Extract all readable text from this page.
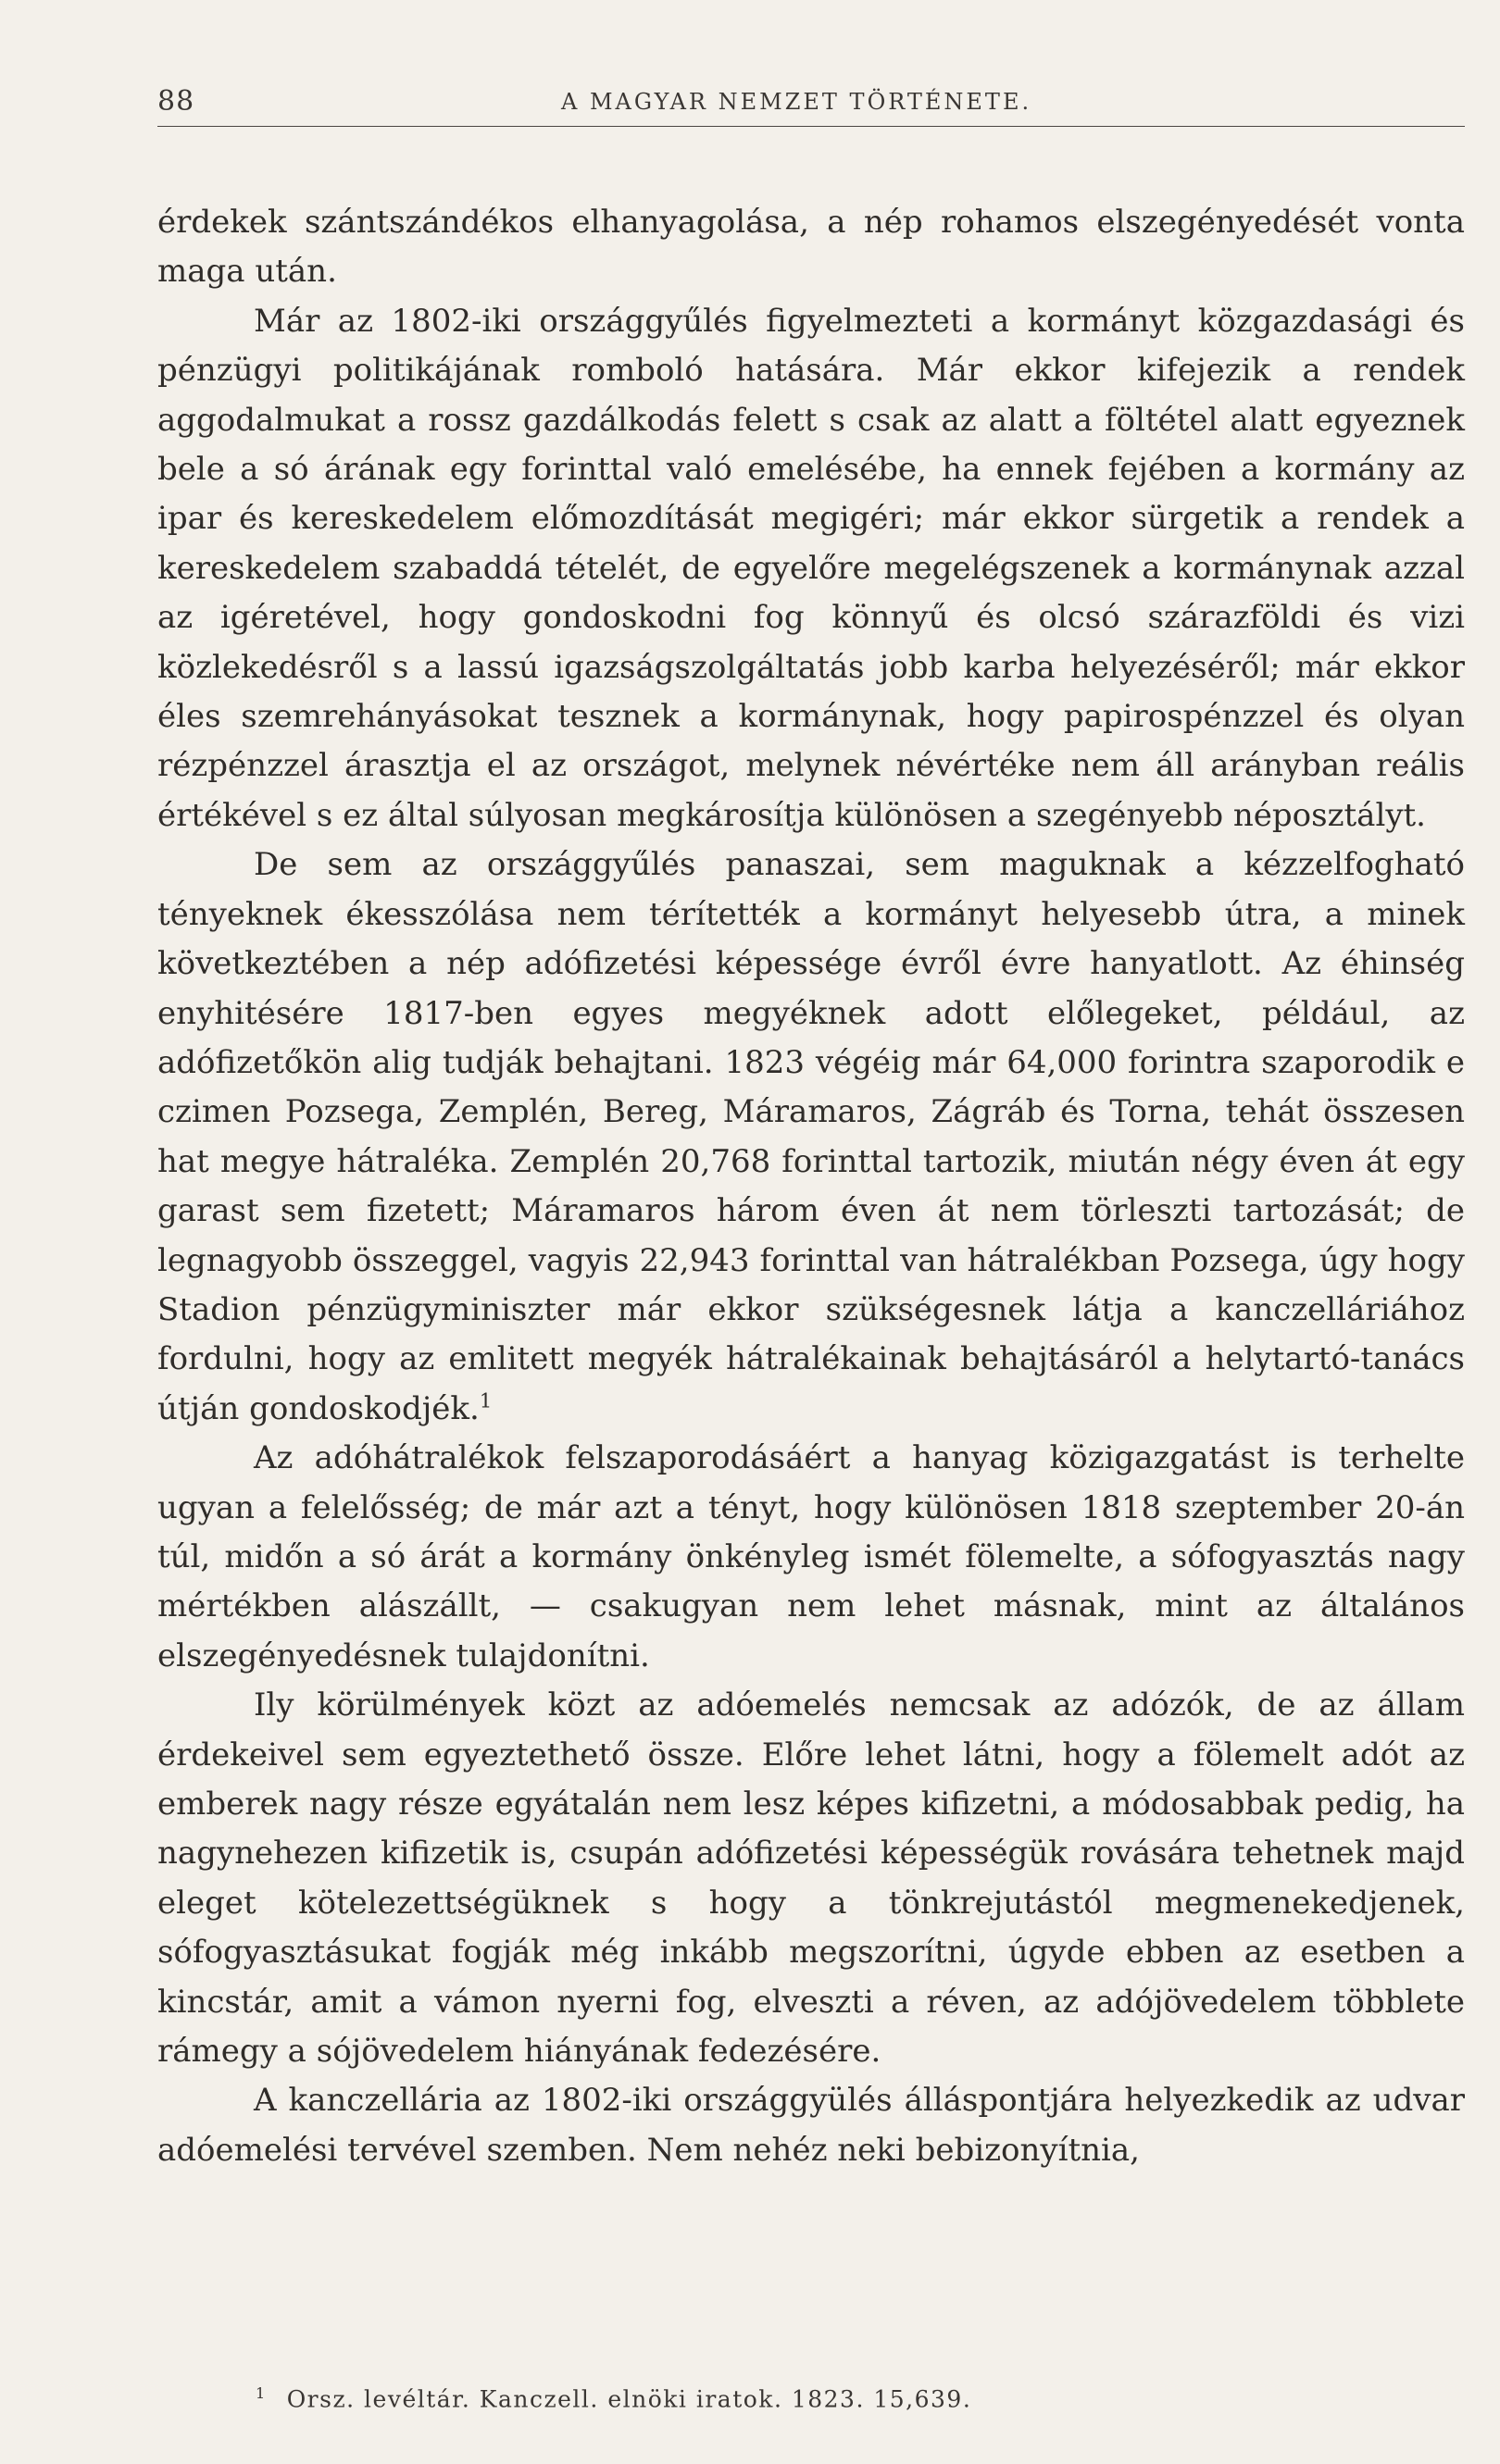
88	A MAGYAR NEMZET TÖRTÉNETE.

érdekek szántszándékos elhanyagolása, a nép rohamos elszegényedését vonta maga után.

Már az 1802-iki országgyűlés figyelmezteti a kormányt közgazdasági és pénzügyi politikájának romboló hatására. Már ekkor kifejezik a rendek aggodalmukat a rossz gazdálkodás felett s csak az alatt a föltétel alatt egyeznek bele a só árának egy forinttal való emelésébe, ha ennek fejében a kormány az ipar és kereskedelem előmozdítását megigéri; már ekkor sürgetik a rendek a kereskedelem szabaddá tételét, de egyelőre megelégszenek a kormánynak azzal az igéretével, hogy gondoskodni fog könnyű és olcsó szárazföldi és vizi közlekedésről s a lassú igazságszolgáltatás jobb karba helyezéséről; már ekkor éles szemrehányásokat tesznek a kormánynak, hogy papirospénzzel és olyan rézpénzzel árasztja el az országot, melynek névértéke nem áll arányban reális értékével s ez által súlyosan megkárosítja különösen a szegényebb néposztályt.

De sem az országgyűlés panaszai, sem maguknak a kézzelfogható tényeknek ékesszólása nem térítették a kormányt helyesebb útra, a minek következtében a nép adófizetési képessége évről évre hanyatlott. Az éhinség enyhitésére 1817-ben egyes megyéknek adott előlegeket, például, az adófizetőkön alig tudják behajtani. 1823 végéig már 64,000 forintra szaporodik e czimen Pozsega, Zemplén, Bereg, Máramaros, Zágráb és Torna, tehát összesen hat megye hátraléka. Zemplén 20,768 forinttal tartozik, miután négy éven át egy garast sem fizetett; Máramaros három éven át nem törleszti tartozását; de legnagyobb összeggel, vagyis 22,943 forinttal van hátralékban Pozsega, úgy hogy Stadion pénzügyminiszter már ekkor szükségesnek látja a kanczelláriához fordulni, hogy az emlitett megyék hátralékainak behajtásáról a helytartó-tanács útján gondoskodjék.$^1$

Az adóhátralékok felszaporodásáért a hanyag közigazgatást is terhelte ugyan a felelősség; de már azt a tényt, hogy különösen 1818 szeptember 20-án túl, midőn a só árát a kormány önkényleg ismét fölemelte, a sófogyasztás nagy mértékben alászállt, — csakugyan nem lehet másnak, mint az általános elszegényedésnek tulajdonítni.

Ily körülmények közt az adóemelés nemcsak az adózók, de az állam érdekeivel sem egyeztethető össze. Előre lehet látni, hogy a fölemelt adót az emberek nagy része egyátalán nem lesz képes kifizetni, a módosabbak pedig, ha nagynehezen kifizetik is, csupán adófizetési képességük rovására tehetnek majd eleget kötelezettségüknek s hogy a tönkrejutástól megmenekedjenek, sófogyasztásukat fogják még inkább megszorítni, úgyde ebben az esetben a kincstár, amit a vámon nyerni fog, elveszti a réven, az adójövedelem többlete rámegy a sójövedelem hiányának fedezésére.

A kanczellária az 1802-iki országgyülés álláspontjára helyezkedik az udvar adóemelési tervével szemben. Nem nehéz neki bebizonyítnia,

$^1$ Orsz. levéltár. Kanczell. elnöki iratok. 1823. 15,639.
